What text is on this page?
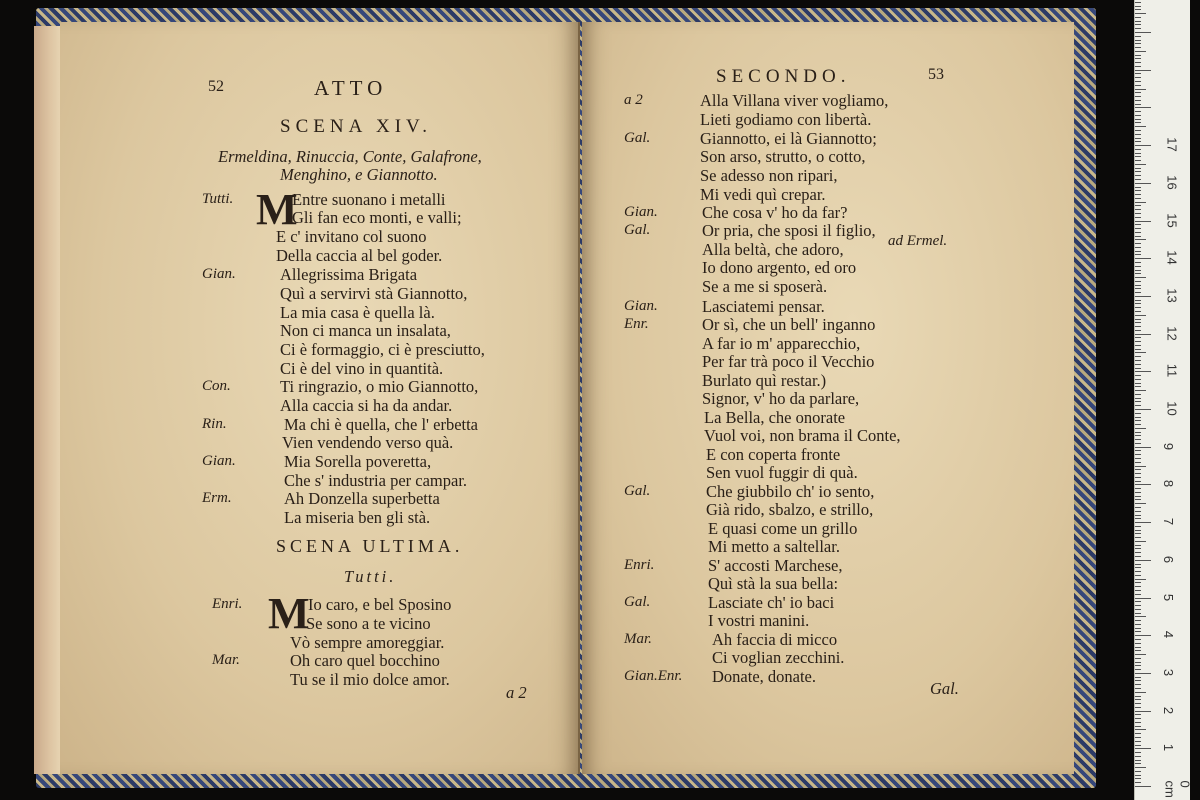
52	ATTO
SCENA XIV.
Ermeldina, Rinuccia, Conte, Galafrone,
Menghino, e Giannotto.
M
Tutti.	Entre suonano i metalli
Gli fan eco monti, e valli;
E c' invitano col suono
Della caccia al bel goder.
Gian.	Allegrissima Brigata
Quì a servirvi stà Giannotto,
La mia casa è quella là.
Non ci manca un insalata,
Ci è formaggio, ci è presciutto,
Ci è del vino in quantità.
Con.	Ti ringrazio, o mio Giannotto,
Alla caccia si ha da andar.
Rin.	Ma chi è quella, che l' erbetta
Vien vendendo verso quà.
Gian.	Mia Sorella poveretta,
Che s' industria per campar.
Erm.	Ah Donzella superbetta
La miseria ben gli stà.
SCENA ULTIMA.
Tutti.
M
Enri.	Io caro, e bel Sposino
Se sono a te vicino
Vò sempre amoreggiar.
Mar.	Oh caro quel bocchino
Tu se il mio dolce amor.
a 2
SECONDO.	53
a 2	Alla Villana viver vogliamo,
Lieti godiamo con libertà.
Gal.	Giannotto, ei là Giannotto;
Son arso, strutto, o cotto,
Se adesso non ripari,
Mi vedi quì crepar.
Gian.	Che cosa v' ho da far?
Gal.	Or pria, che sposi il figlio,
Alla beltà, che adoro,
Io dono argento, ed oro
Se a me si sposerà.
Gian.	Lasciatemi pensar.
Enr.	Or sì, che un bell' inganno
A far io m' apparecchio,
Per far trà poco il Vecchio
Burlato quì restar.)
Signor, v' ho da parlare,
La Bella, che onorate
Vuol voi, non brama il Conte,
E con coperta fronte
Sen vuol fuggir di quà.
Gal.	Che giubbilo ch' io sento,
Già rido, sbalzo, e strillo,
E quasi come un grillo
Mi metto a saltellar.
Enri.	S' accosti Marchese,
Quì stà la sua bella:
Gal.	Lasciate ch' io baci
I vostri manini.
Mar.	Ah faccia di micco
Ci voglian zecchini.
Gian.Enr. Donate, donate.
ad Ermel.
Gal.
17
16
15
14
13
12
11
10
9
8
7
6
5
4
3
2
1
0 cm
